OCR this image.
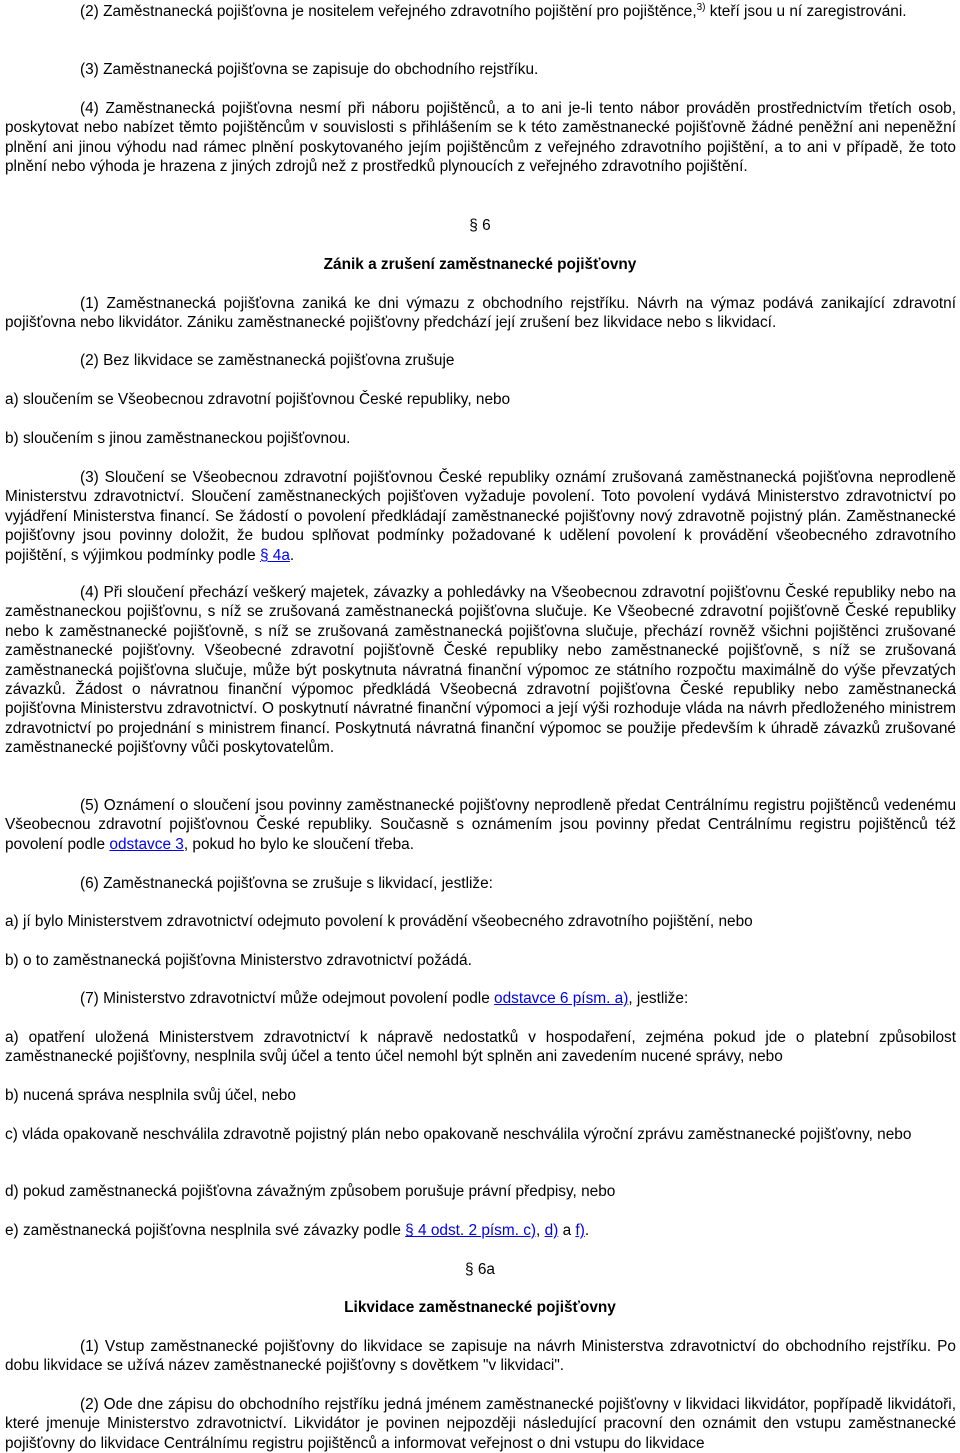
(2) Zaměstnanecká pojišťovna je nositelem veřejného zdravotního pojištění pro pojištěnce,$^{3)}$ kteří jsou u ní zaregistrováni.

(3) Zaměstnanecká pojišťovna se zapisuje do obchodního rejstříku.

(4) Zaměstnanecká pojišťovna nesmí při náboru pojištěnců, a to ani je-li tento nábor prováděn prostřednictvím třetích osob, poskytovat nebo nabízet těmto pojištěncům v souvislosti s přihlášením se k této zaměstnanecké pojišťovně žádné peněžní ani nepeněžní plnění ani jinou výhodu nad rámec plnění poskytovaného jejím pojištěncům z veřejného zdravotního pojištění, a to ani v případě, že toto plnění nebo výhoda je hrazena z jiných zdrojů než z prostředků plynoucích z veřejného zdravotního pojištění.

§ 6

Zánik a zrušení zaměstnanecké pojišťovny

(1) Zaměstnanecká pojišťovna zaniká ke dni výmazu z obchodního rejstříku. Návrh na výmaz podává zanikající zdravotní pojišťovna nebo likvidátor. Zániku zaměstnanecké pojišťovny předchází její zrušení bez likvidace nebo s likvidací.

(2) Bez likvidace se zaměstnanecká pojišťovna zrušuje

a) sloučením se Všeobecnou zdravotní pojišťovnou České republiky, nebo

b) sloučením s jinou zaměstnaneckou pojišťovnou.

(3) Sloučení se Všeobecnou zdravotní pojišťovnou České republiky oznámí zrušovaná zaměstnanecká pojišťovna neprodleně Ministerstvu zdravotnictví. Sloučení zaměstnaneckých pojišťoven vyžaduje povolení. Toto povolení vydává Ministerstvo zdravotnictví po vyjádření Ministerstva financí. Se žádostí o povolení předkládají zaměstnanecké pojišťovny nový zdravotně pojistný plán. Zaměstnanecké pojišťovny jsou povinny doložit, že budou splňovat podmínky požadované k udělení povolení k provádění všeobecného zdravotního pojištění, s výjimkou podmínky podle § 4a.

(4) Při sloučení přechází veškerý majetek, závazky a pohledávky na Všeobecnou zdravotní pojišťovnu České republiky nebo na zaměstnaneckou pojišťovnu, s níž se zrušovaná zaměstnanecká pojišťovna slučuje. Ke Všeobecné zdravotní pojišťovně České republiky nebo k zaměstnanecké pojišťovně, s níž se zrušovaná zaměstnanecká pojišťovna slučuje, přechází rovněž všichni pojištěnci zrušované zaměstnanecké pojišťovny. Všeobecné zdravotní pojišťovně České republiky nebo zaměstnanecké pojišťovně, s níž se zrušovaná zaměstnanecká pojišťovna slučuje, může být poskytnuta návratná finanční výpomoc ze státního rozpočtu maximálně do výše převzatých závazků. Žádost o návratnou finanční výpomoc předkládá Všeobecná zdravotní pojišťovna České republiky nebo zaměstnanecká pojišťovna Ministerstvu zdravotnictví. O poskytnutí návratné finanční výpomoci a její výši rozhoduje vláda na návrh předloženého ministrem zdravotnictví po projednání s ministrem financí. Poskytnutá návratná finanční výpomoc se použije především k úhradě závazků zrušované zaměstnanecké pojišťovny vůči poskytovatelům.

(5) Oznámení o sloučení jsou povinny zaměstnanecké pojišťovny neprodleně předat Centrálnímu registru pojištěnců vedenému Všeobecnou zdravotní pojišťovnou České republiky. Současně s oznámením jsou povinny předat Centrálnímu registru pojištěnců též povolení podle odstavce 3, pokud ho bylo ke sloučení třeba.

(6) Zaměstnanecká pojišťovna se zrušuje s likvidací, jestliže:

a) jí bylo Ministerstvem zdravotnictví odejmuto povolení k provádění všeobecného zdravotního pojištění, nebo

b) o to zaměstnanecká pojišťovna Ministerstvo zdravotnictví požádá.

(7) Ministerstvo zdravotnictví může odejmout povolení podle odstavce 6 písm. a), jestliže:

a) opatření uložená Ministerstvem zdravotnictví k nápravě nedostatků v hospodaření, zejména pokud jde o platební způsobilost zaměstnanecké pojišťovny, nesplnila svůj účel a tento účel nemohl být splněn ani zavedením nucené správy, nebo

b) nucená správa nesplnila svůj účel, nebo

c) vláda opakovaně neschválila zdravotně pojistný plán nebo opakovaně neschválila výroční zprávu zaměstnanecké pojišťovny, nebo

d) pokud zaměstnanecká pojišťovna závažným způsobem porušuje právní předpisy, nebo

e) zaměstnanecká pojišťovna nesplnila své závazky podle § 4 odst. 2 písm. c), d) a f).

§ 6a

Likvidace zaměstnanecké pojišťovny

(1) Vstup zaměstnanecké pojišťovny do likvidace se zapisuje na návrh Ministerstva zdravotnictví do obchodního rejstříku. Po dobu likvidace se užívá název zaměstnanecké pojišťovny s dovětkem "v likvidaci".

(2) Ode dne zápisu do obchodního rejstříku jedná jménem zaměstnanecké pojišťovny v likvidaci likvidátor, popřípadě likvidátoři, které jmenuje Ministerstvo zdravotnictví. Likvidátor je povinen nejpozději následující pracovní den oznámit den vstupu zaměstnanecké pojišťovny do likvidace Centrálnímu registru pojištěnců a informovat veřejnost o dni vstupu do likvidace
